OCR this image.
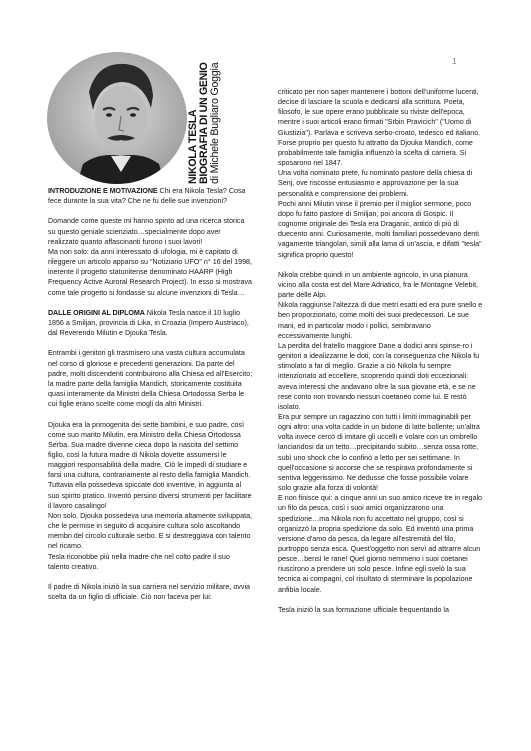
NIKOLA TESLA BIOGRAFIA DI UN GENIO di Michele Bugliaro Goggia
1

INTRODUZIONE E MOTIVAZIONE Chi era Nikola Tesla? Cosa fece durante la sua vita? Che ne fu delle sue invenzioni?

Domande come queste mi hanno spinto ad una ricerca storica su questo geniale scienziato…specialmente dopo aver realizzato quanto affascinanti furono i suoi lavori!

Ma non solo: da anni interessato di ufologia, mi è capitato di rileggere un articolo apparso su "Notiziario UFO" n° 16 del 1998, inerente il progetto statunitense denominato HAARP (High Frequency Active Auroral Research Project). In esso si mostrava come tale progetto si fondasse su alcune invenzioni di Tesla…

DALLE ORIGINI AL DIPLOMA Nikola Tesla nasce il 10 luglio 1856 a Smiljan, provincia di Lika, in Croazia (Impero Austriaco), dal Reverendo Milutin e Djouka Tesla.

Entrambi i genitori gli trasmisero una vasta cultura accumulata nel corso di gloriose e precedenti generazioni. Da parte del padre, molti discendenti contribuirono alla Chiesa ed all'Esercito; la madre parte della famiglia Mandich, storicamente costituita quasi interamente da Ministri della Chiesa Ortodossa Serba le cui figlie erano scelte come mogli da altri Ministri.

Djouka era la primogenita dei sette bambini, e suo padre, così come suo marito Milutin, era Ministro della Chiesa Ortodossa Serba. Sua madre divenne cieca dopo la nascita del settimo figlio, così la futura madre di Nikola dovette assumersi le maggiori responsabilità della madre. Ciò le impedì di studiare e farsi una cultura, contrariamente al resto della famiglia Mandich.

Tuttavia ella possedeva spiccate doti inventive, in aggiunta al suo spirito pratico. Inventò persino diversi strumenti per facilitare il lavoro casalingo!

Non solo. Djouka possedeva una memoria altamente sviluppata, che le permise in seguito di acquisire cultura solo ascoltando membri del circolo culturale serbo. E si destreggiava con talento nel ricamo.

Tesla riconobbe più nella madre che nel colto padre il suo talento creativo.

Il padre di Nikola iniziò la sua carriera nel servizio militare, ovvia scelta da un figlio di ufficiale. Ciò non faceva per lui:

criticato per non saper mantenere i bottoni dell'uniforme lucenti, decise di lasciare la scuola e dedicarsi alla scrittura. Poeta, filosofo, le sue opere erano pubblicate su riviste dell'epoca, mentre i suoi articoli erano firmati "Srbin Pravicich" ("Uomo di Giustizia"). Parlava e scriveva serbo-croato, tedesco ed italiano.

Forse proprio per questo fu attratto da Djouka Mandich, come probabilmente tale famiglia influenzò la scelta di carriera. Si sposarono nel 1847.

Una volta nominato prete, fu nominato pastore della chiesa di Senj, ove riscosse entusiasmo e approvazione per la sua personalità e comprensione dei problemi.

Pochi anni Milutin vinse il premio per il miglior sermone, poco dopo fu fatto pastore di Smiljan, poi ancora di Gospic. Il cognome originale dei Tesla era Draganic, antico di più di duecento anni. Curiosamente, molti familiari possedevano denti vagamente triangolari, simili alla lama di un'ascia, e difatti "tesla" significa proprio questo!

Nikola crebbe quindi in un ambiente agricolo, in una pianura vicino alla costa est del Mare Adriatico, fra le Montagne Velebit, parte delle Alpi.

Nikola raggiunse l'altezza di due metri esatti ed era pure snello e ben proporzionato, come molti dei suoi predecessori. Le sue mani, ed in particolar modo i pollici, sembravano eccessivamente lunghi.

La perdita del fratello maggiore Dane a dodici anni spinse-ro i genitori a idealizzarne le doti, con la conseguenza che Nikola fu stimolato a far di meglio. Grazie a ciò Nikola fu sempre intenzionato ad eccellere, scoprendo quindi doti eccezionali: aveva interessi che andavano oltre la sua giovane età, e se ne rese conto non trovando nessun coetaneo come lui. E restò isolato.

Era pur sempre un ragazzino con tutti i limiti immaginabili per ogni altro: una volta cadde in un bidone di latte bollente; un'altra volta invece cercò di imitare gli uccelli e volare con un ombrello lanciandosi da un tetto…precipitando subito…senza ossa rotte, subì uno shock che lo confinò a letto per sei settimane. In quell'occasione si accorse che se respirava profondamente si sentiva leggerissimo. Ne dedusse che fosse possibile volare solo grazie alla forza di volontà!

E non finisce qui: a cinque anni un suo amico riceve tre in regalo un filo da pesca, così i suoi amici organizzarono una spedizione…ma Nikola non fu accettato nel gruppo, così si organizzò la propria spedizione da solo. Ed inventò una prima versione d'amo da pesca, da legare all'estremità del filo, purtroppo senza esca. Quest'oggetto non servì ad attrarre alcun pesce…bensì le rane! Quel giorno nemmeno i suoi coetanei riuscirono a prendere un solo pesce. Infine egli svelò la sua tecnica ai compagni, col risultato di sterminare la popolazione anfibia locale.

Tesla iniziò la sua formazione ufficiale frequentando la
